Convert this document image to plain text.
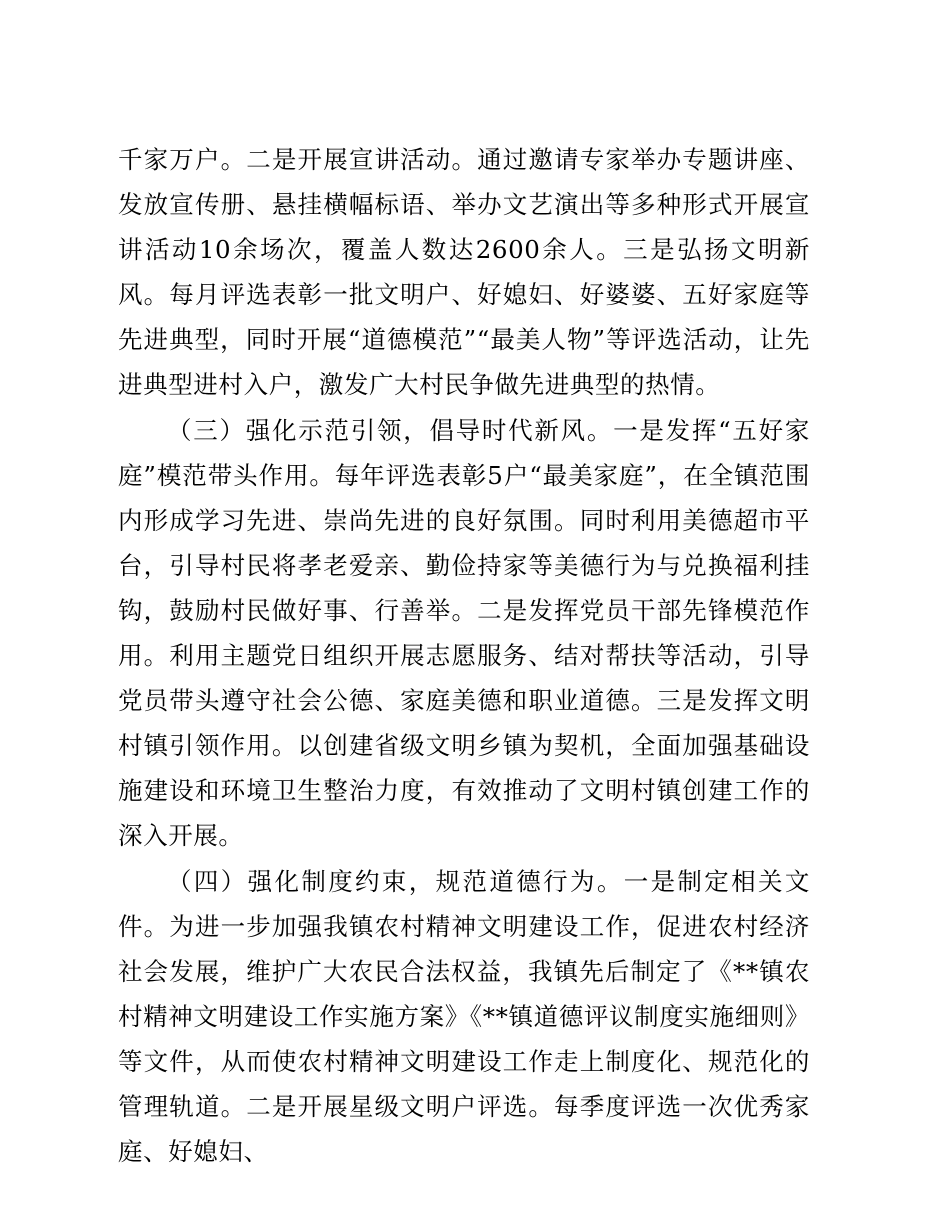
千家万户。二是开展宣讲活动。通过邀请专家举办专题讲座、发放宣传册、悬挂横幅标语、举办文艺演出等多种形式开展宣讲活动10余场次，覆盖人数达2600余人。三是弘扬文明新风。每月评选表彰一批文明户、好媳妇、好婆婆、五好家庭等先进典型，同时开展“道德模范”“最美人物”等评选活动，让先进典型进村入户，激发广大村民争做先进典型的热情。

（三）强化示范引领，倡导时代新风。一是发挥“五好家庭”模范带头作用。每年评选表彰5户“最美家庭”，在全镇范围内形成学习先进、崇尚先进的良好氛围。同时利用美德超市平台，引导村民将孝老爱亲、勤俭持家等美德行为与兑换福利挂钩，鼓励村民做好事、行善举。二是发挥党员干部先锋模范作用。利用主题党日组织开展志愿服务、结对帮扶等活动，引导党员带头遵守社会公德、家庭美德和职业道德。三是发挥文明村镇引领作用。以创建省级文明乡镇为契机，全面加强基础设施建设和环境卫生整治力度，有效推动了文明村镇创建工作的深入开展。

（四）强化制度约束，规范道德行为。一是制定相关文件。为进一步加强我镇农村精神文明建设工作，促进农村经济社会发展，维护广大农民合法权益，我镇先后制定了《**镇农村精神文明建设工作实施方案》《**镇道德评议制度实施细则》等文件，从而使农村精神文明建设工作走上制度化、规范化的管理轨道。二是开展星级文明户评选。每季度评选一次优秀家庭、好媳妇、
